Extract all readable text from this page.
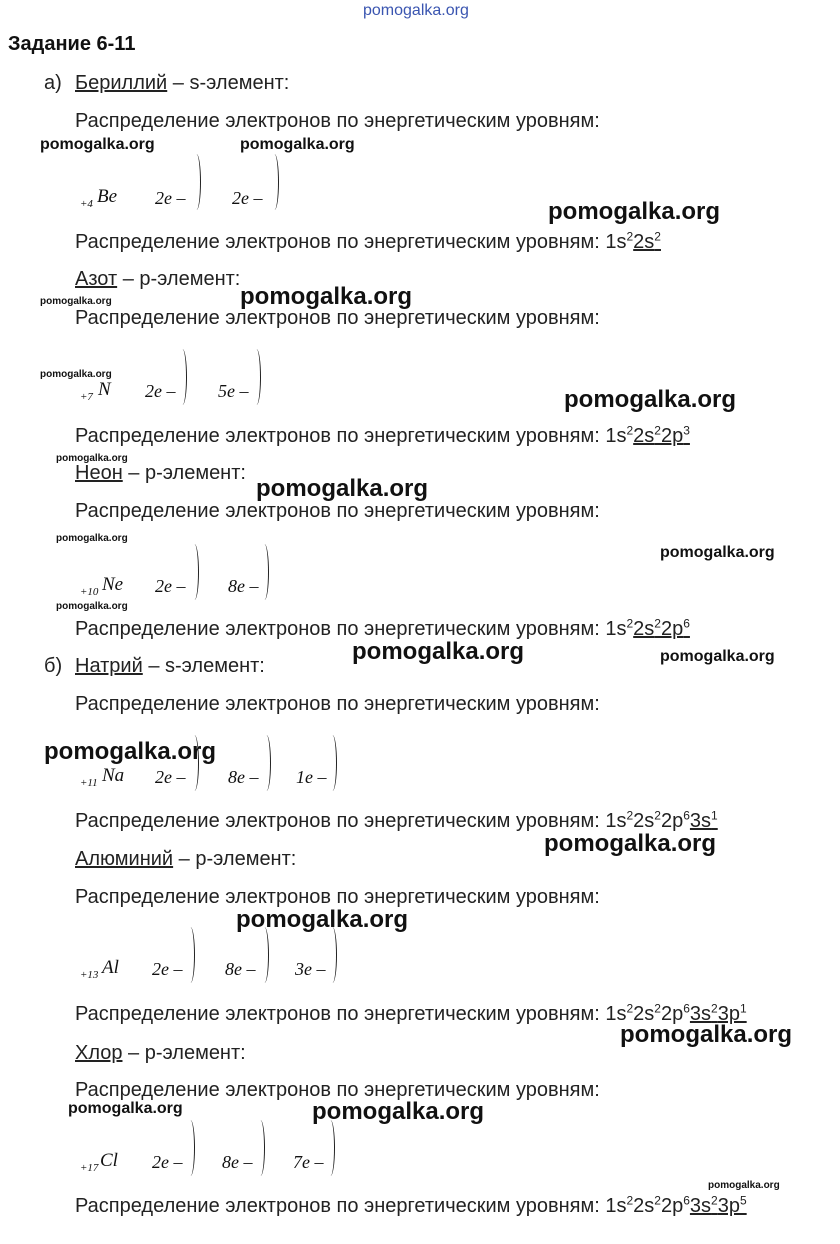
pomogalka.org
Задание 6-11
а) Бериллий – s-элемент:
Распределение электронов по энергетическим уровням:
+4 Be 2e –	2e –
Распределение электронов по энергетическим уровням: $1s^22s^2$
Азот – p-элемент:
Распределение электронов по энергетическим уровням:
+7 N 2e – 5e –
Распределение электронов по энергетическим уровням: $1s^22s^22p^3$
Неон – p-элемент:
Распределение электронов по энергетическим уровням:
+10 Ne 2e – 8e –
Распределение электронов по энергетическим уровням: $1s^22s^22p^6$
б) Натрий – s-элемент:
Распределение электронов по энергетическим уровням:
+11 Na 2e – 8e – 1e –
Распределение электронов по энергетическим уровням: $1s^22s^22p^63s^1$
Алюминий – p-элемент:
Распределение электронов по энергетическим уровням:
+13 Al 2e – 8e – 3e –
Распределение электронов по энергетическим уровням: $1s^22s^22p^63s^23p^1$
Хлор – p-элемент:
Распределение электронов по энергетическим уровням:
+17 Cl 2e – 8e – 7e –
Распределение электронов по энергетическим уровням: $1s^22s^22p^63s^23p^5$
pomogalka.org	pomogalka.org
pomogalka.org
pomogalka.org	pomogalka.org
pomogalka.org
pomogalka.org
pomogalka.org
pomogalka.org
pomogalka.org
pomogalka.org
pomogalka.org
pomogalka.org	pomogalka.org
pomogalka.org
pomogalka.org
pomogalka.org
pomogalka.org
pomogalka.org	pomogalka.org
pomogalka.org
